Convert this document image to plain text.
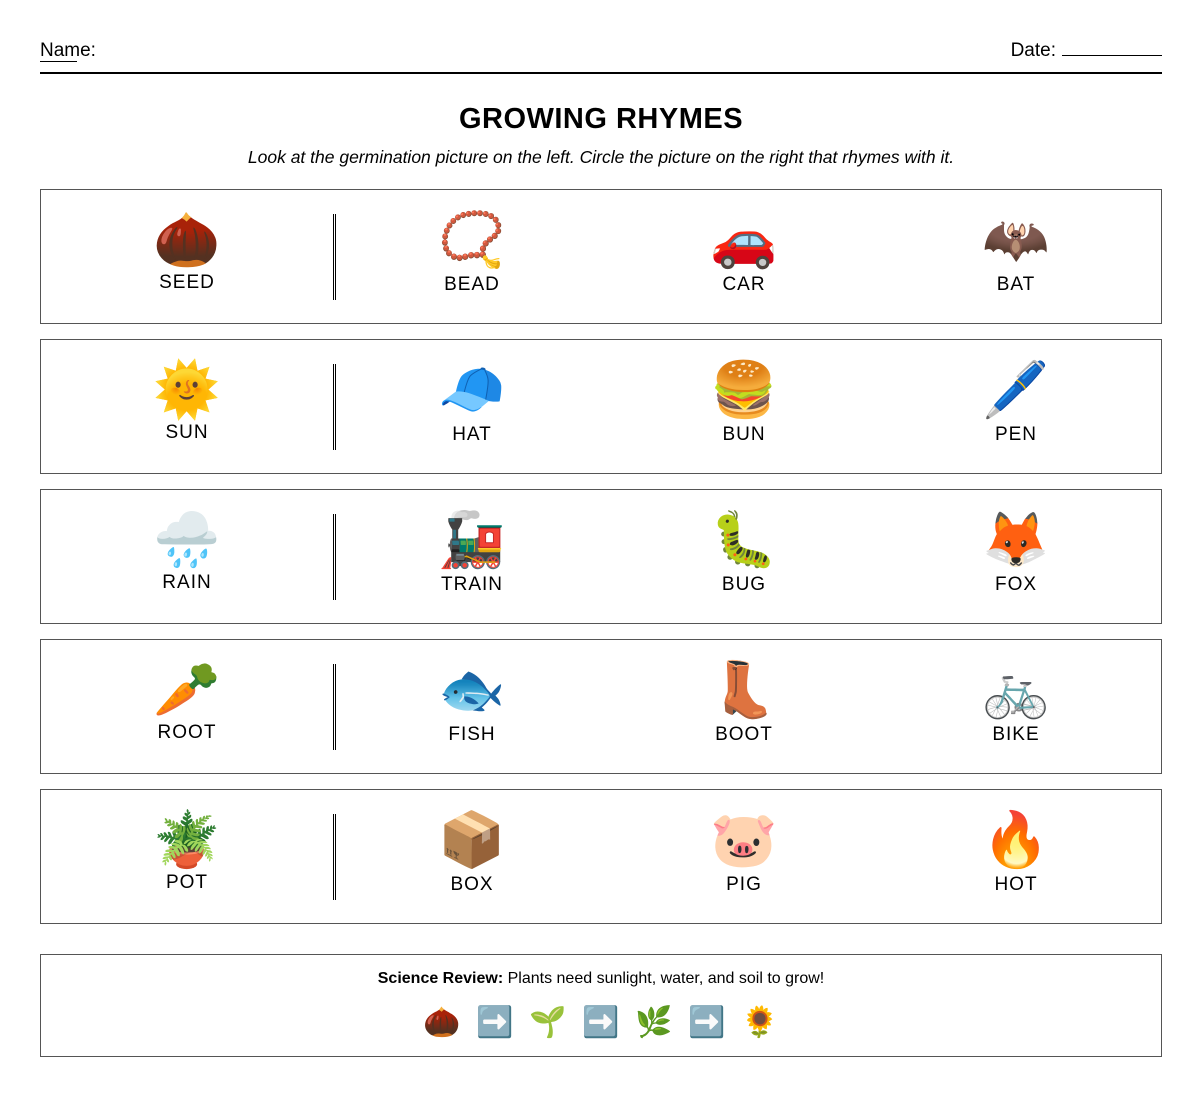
Name:	Date:
GROWING RHYMES
Look at the germination picture on the left. Circle the picture on the right that rhymes with it.
🌰
SEED
📿
BEAD
🚗
CAR
🦇
BAT
🌞
SUN
🧢
HAT
🍔
BUN
🖊️
PEN
🌧️
RAIN
🚂
TRAIN
🐛
BUG
🦊
FOX
🥕
ROOT
🐟
FISH
👢
BOOT
🚲
BIKE
🪴
POT
📦
BOX
🐷
PIG
🔥
HOT
Science Review: Plants need sunlight, water, and soil to grow!
🌰 ➡️ 🌱 ➡️ 🌿 ➡️ 🌻
